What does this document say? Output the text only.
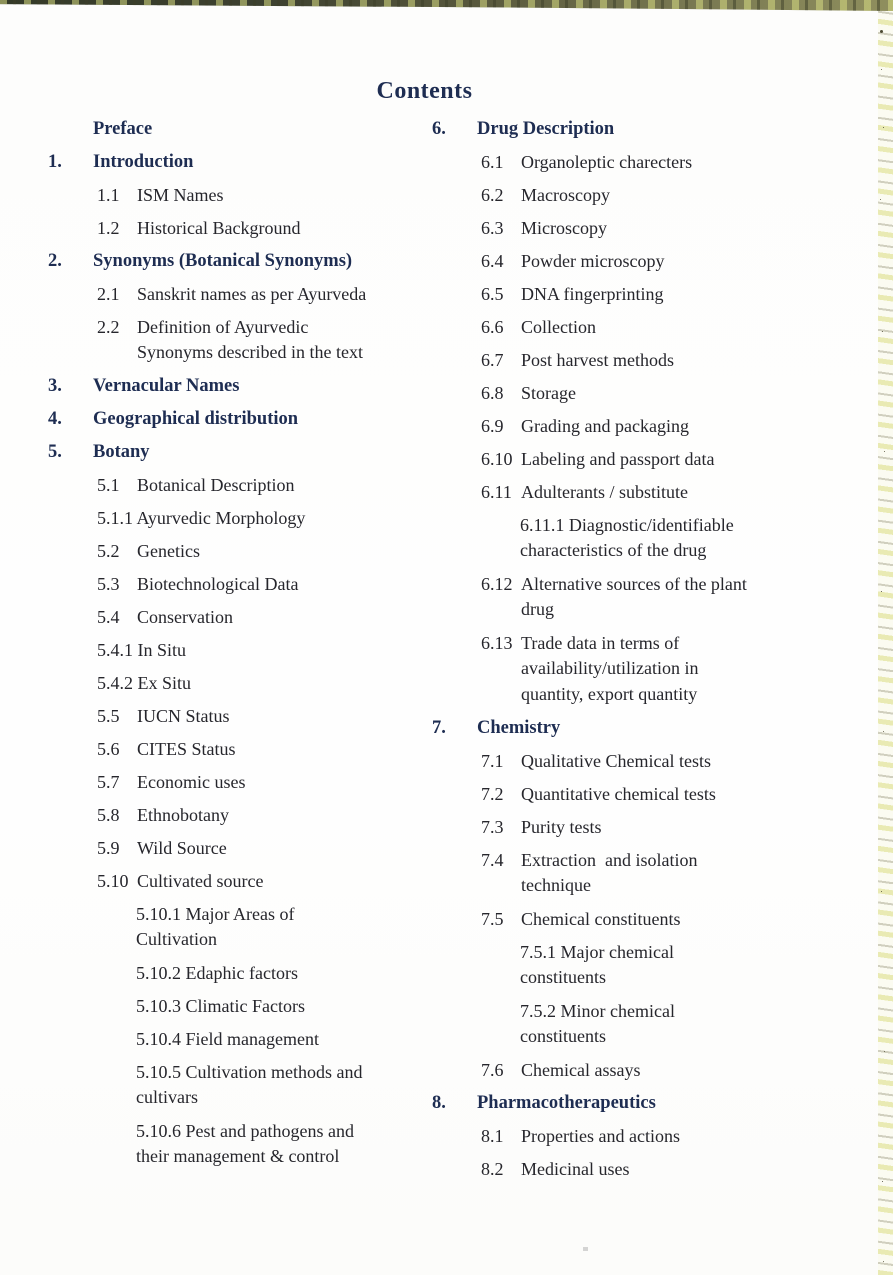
Contents
Preface
1.	Introduction
1.1 ISM Names
1.2 Historical Background
2.	Synonyms (Botanical Synonyms)
2.1 Sanskrit names as per Ayurveda
2.2 Definition of Ayurvedic
Synonyms described in the text
3.	Vernacular Names
4.	Geographical distribution
5.	Botany
5.1 Botanical Description
5.1.1 Ayurvedic Morphology
5.2 Genetics
5.3 Biotechnological Data
5.4 Conservation
5.4.1 In Situ
5.4.2 Ex Situ
5.5 IUCN Status
5.6 CITES Status
5.7 Economic uses
5.8 Ethnobotany
5.9 Wild Source
5.10 Cultivated source
5.10.1 Major Areas of
Cultivation
5.10.2 Edaphic factors
5.10.3 Climatic Factors
5.10.4 Field management
5.10.5 Cultivation methods and
cultivars
5.10.6 Pest and pathogens and
their management & control
6.	Drug Description
6.1 Organoleptic charecters
6.2 Macroscopy
6.3 Microscopy
6.4 Powder microscopy
6.5 DNA fingerprinting
6.6 Collection
6.7 Post harvest methods
6.8 Storage
6.9 Grading and packaging
6.10 Labeling and passport data
6.11 Adulterants / substitute
6.11.1 Diagnostic/identifiable
characteristics of the drug
6.12 Alternative sources of the plant
drug
6.13 Trade data in terms of
availability/utilization in
quantity, export quantity
7.	Chemistry
7.1 Qualitative Chemical tests
7.2 Quantitative chemical tests
7.3 Purity tests
7.4 Extraction  and isolation
technique
7.5 Chemical constituents
7.5.1 Major chemical
constituents
7.5.2 Minor chemical
constituents
7.6 Chemical assays
8.	Pharmacotherapeutics
8.1 Properties and actions
8.2 Medicinal uses
